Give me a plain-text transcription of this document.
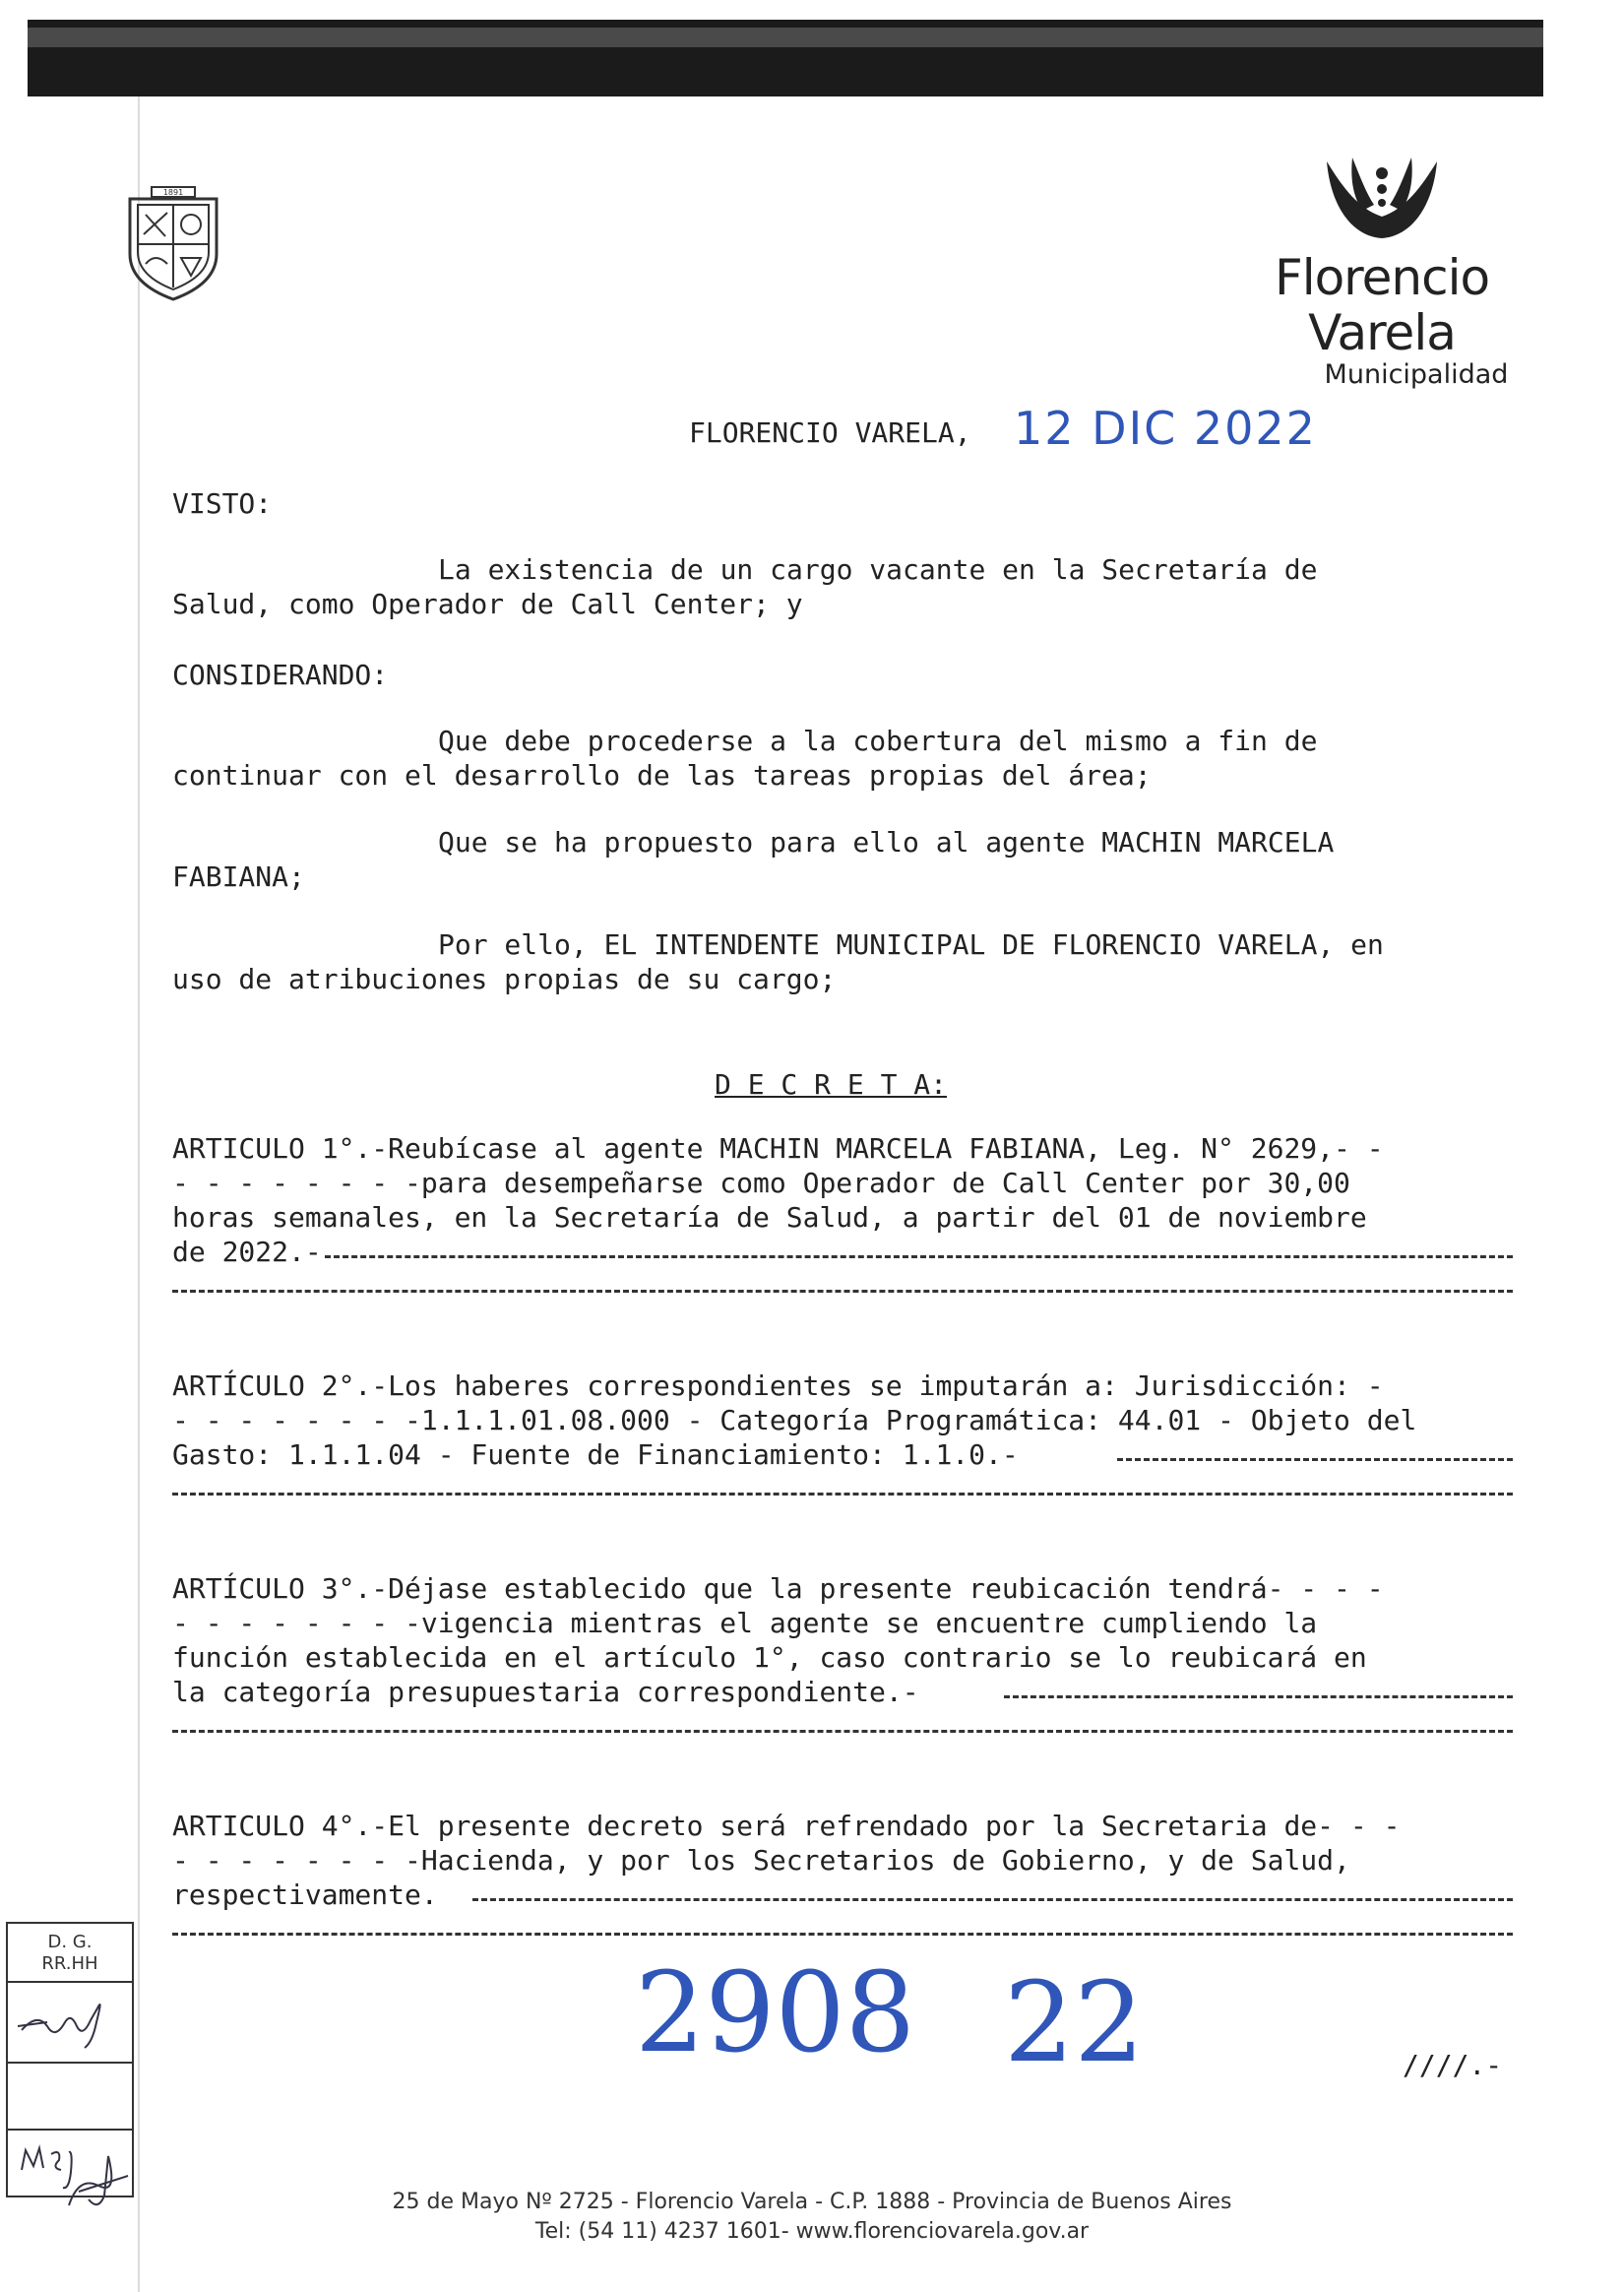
1891
Florencio Varela
Municipalidad
FLORENCIO VARELA, 12 DIC 2022
VISTO:
La existencia de un cargo vacante en la Secretaría de
Salud, como Operador de Call Center; y
CONSIDERANDO:
Que debe procederse a la cobertura del mismo a fin de
continuar con el desarrollo de las tareas propias del área;
Que se ha propuesto para ello al agente MACHIN MARCELA
FABIANA;
Por ello, EL INTENDENTE MUNICIPAL DE FLORENCIO VARELA, en
uso de atribuciones propias de su cargo;
D E C R E T A:
ARTICULO 1°.-Reubícase al agente MACHIN MARCELA FABIANA, Leg. N° 2629,- -
- - - - - - - -para desempeñarse como Operador de Call Center por 30,00
horas semanales, en la Secretaría de Salud, a partir del 01 de noviembre
de 2022.-
ARTÍCULO 2°.-Los haberes correspondientes se imputarán a: Jurisdicción: -
- - - - - - - -1.1.1.01.08.000 - Categoría Programática: 44.01 - Objeto del
Gasto: 1.1.1.04 - Fuente de Financiamiento: 1.1.0.-
ARTÍCULO 3°.-Déjase establecido que la presente reubicación tendrá- - - -
- - - - - - - -vigencia mientras el agente se encuentre cumpliendo la
función establecida en el artículo 1°, caso contrario se lo reubicará en
la categoría presupuestaria correspondiente.-
ARTICULO 4°.-El presente decreto será refrendado por la Secretaria de- - -
- - - - - - - -Hacienda, y por los Secretarios de Gobierno, y de Salud,
respectivamente.
2908 22	////.-
D. G. RR.HH
25 de Mayo Nº 2725 - Florencio Varela - C.P. 1888 - Provincia de Buenos Aires
Tel: (54 11) 4237 1601- www.florenciovarela.gov.ar
